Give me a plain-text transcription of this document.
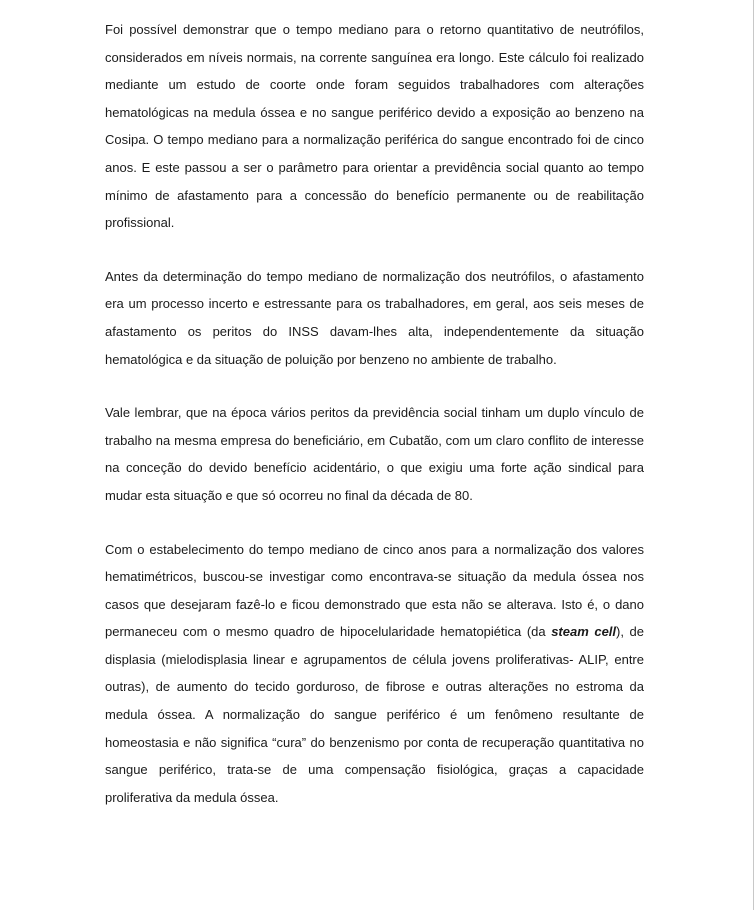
Foi possível demonstrar que o tempo mediano para o retorno quantitativo de neutrófilos, considerados em níveis normais, na corrente sanguínea era longo. Este cálculo foi realizado mediante um estudo de coorte onde foram seguidos trabalhadores com alterações hematológicas na medula óssea e no sangue periférico devido a exposição ao benzeno na Cosipa. O tempo mediano para a normalização periférica do sangue encontrado foi de cinco anos. E este passou a ser o parâmetro para orientar a previdência social quanto ao tempo mínimo de afastamento para a concessão do benefício permanente ou de reabilitação profissional.

Antes da determinação do tempo mediano de normalização dos neutrófilos, o afastamento era um processo incerto e estressante para os trabalhadores, em geral, aos seis meses de afastamento os peritos do INSS davam-lhes alta, independentemente da situação hematológica e da situação de poluição por benzeno no ambiente de trabalho.

Vale lembrar, que na época vários peritos da previdência social tinham um duplo vínculo de trabalho na mesma empresa do beneficiário, em Cubatão, com um claro conflito de interesse na conceção do devido benefício acidentário, o que exigiu uma forte ação sindical para mudar esta situação e que só ocorreu no final da década de 80.

Com o estabelecimento do tempo mediano de cinco anos para a normalização dos valores hematimétricos, buscou-se investigar como encontrava-se situação da medula óssea nos casos que desejaram fazê-lo e ficou demonstrado que esta não se alterava. Isto é, o dano permaneceu com o mesmo quadro de hipocelularidade hematopiética (da steam cell), de displasia (mielodisplasia linear e agrupamentos de célula jovens proliferativas- ALIP, entre outras), de aumento do tecido gorduroso, de fibrose e outras alterações no estroma da medula óssea. A normalização do sangue periférico é um fenômeno resultante de homeostasia e não significa “cura” do benzenismo por conta de recuperação quantitativa no sangue periférico, trata-se de uma compensação fisiológica, graças a capacidade proliferativa da medula óssea.
